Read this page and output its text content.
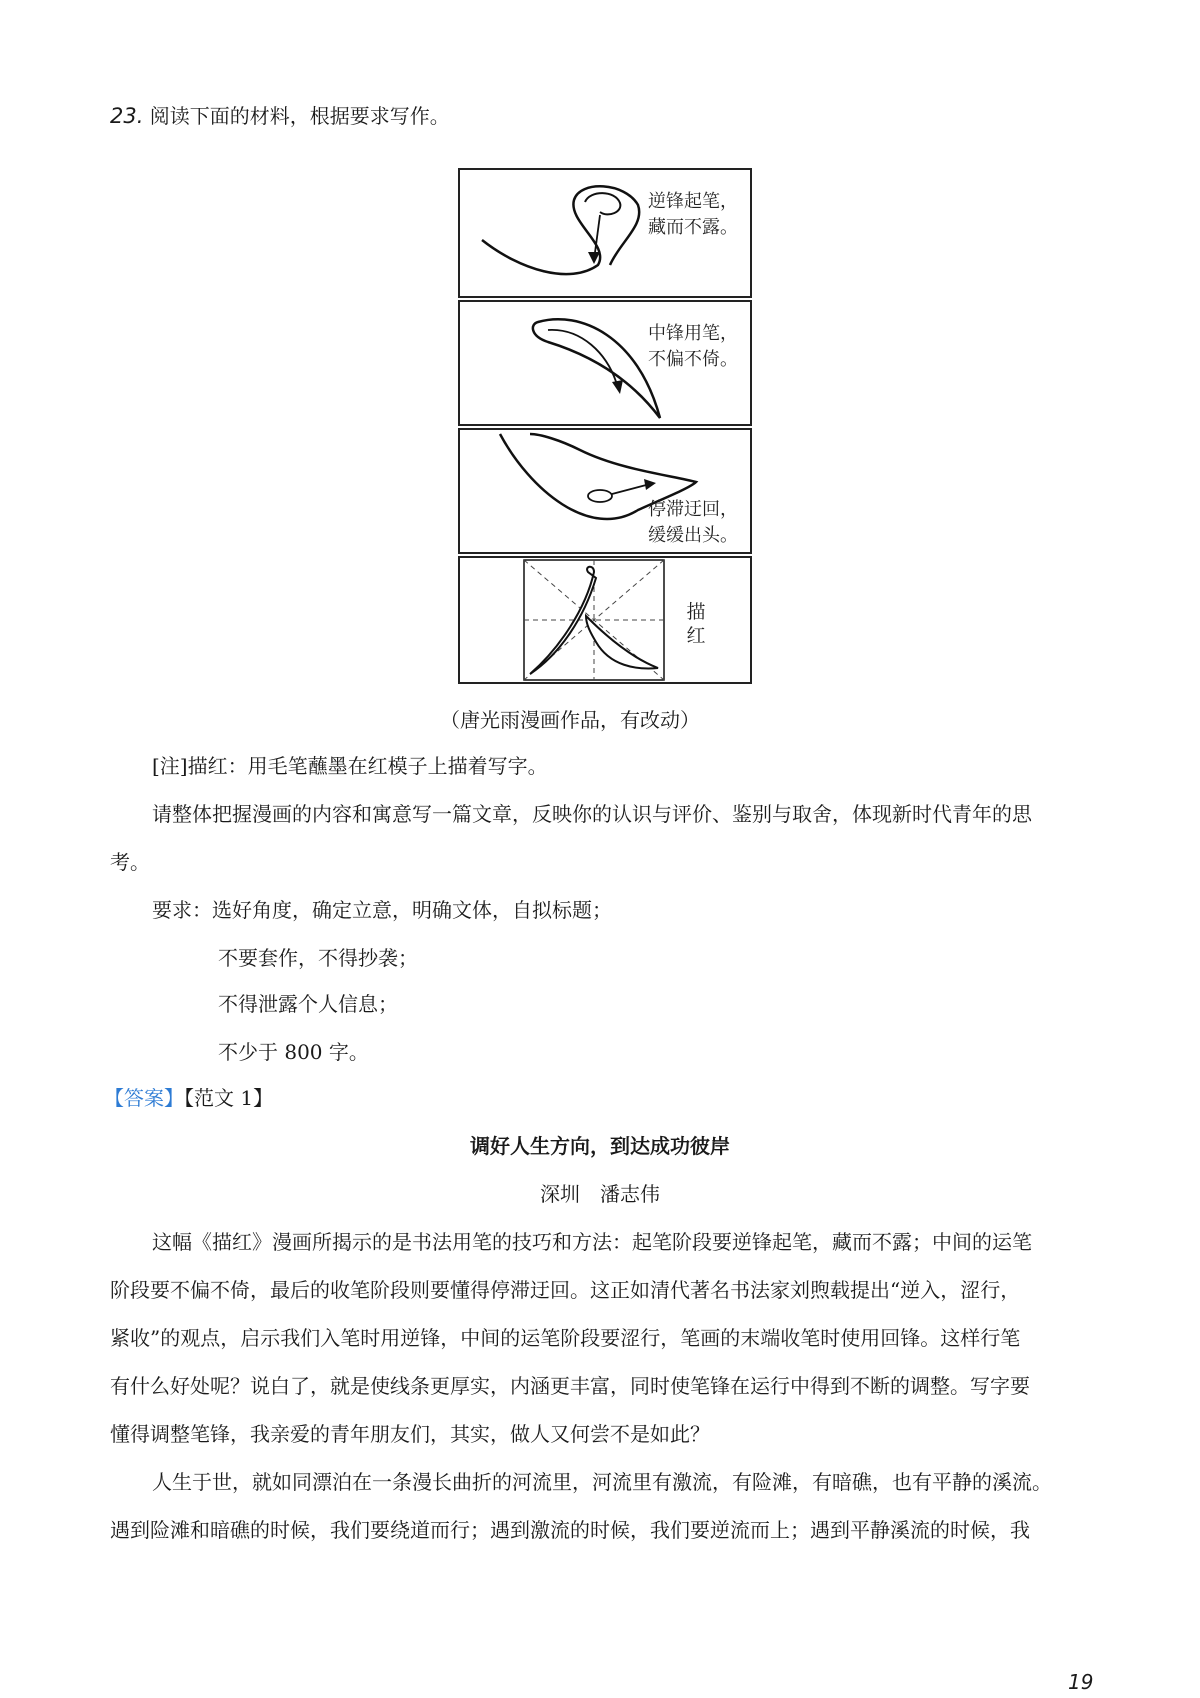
23. 阅读下面的材料，根据要求写作。
逆锋起笔，
藏而不露。
中锋用笔，
不偏不倚。
停滞迂回，
缓缓出头。
描
红
（唐光雨漫画作品，有改动）
[注]描红：用毛笔蘸墨在红模子上描着写字。
请整体把握漫画的内容和寓意写一篇文章，反映你的认识与评价、鉴别与取舍，体现新时代青年的思
考。
要求：选好角度，确定立意，明确文体，自拟标题；
不要套作，不得抄袭；
不得泄露个人信息；
不少于 800 字。
【答案】【范文 1】
调好人生方向，到达成功彼岸
深圳　潘志伟
这幅《描红》漫画所揭示的是书法用笔的技巧和方法：起笔阶段要逆锋起笔，藏而不露；中间的运笔
阶段要不偏不倚，最后的收笔阶段则要懂得停滞迂回。这正如清代著名书法家刘煦载提出“逆入，涩行，
紧收”的观点，启示我们入笔时用逆锋，中间的运笔阶段要涩行，笔画的末端收笔时使用回锋。这样行笔
有什么好处呢？说白了，就是使线条更厚实，内涵更丰富，同时使笔锋在运行中得到不断的调整。写字要
懂得调整笔锋，我亲爱的青年朋友们，其实，做人又何尝不是如此？
人生于世，就如同漂泊在一条漫长曲折的河流里，河流里有激流，有险滩，有暗礁，也有平静的溪流。
遇到险滩和暗礁的时候，我们要绕道而行；遇到激流的时候，我们要逆流而上；遇到平静溪流的时候，我
19
